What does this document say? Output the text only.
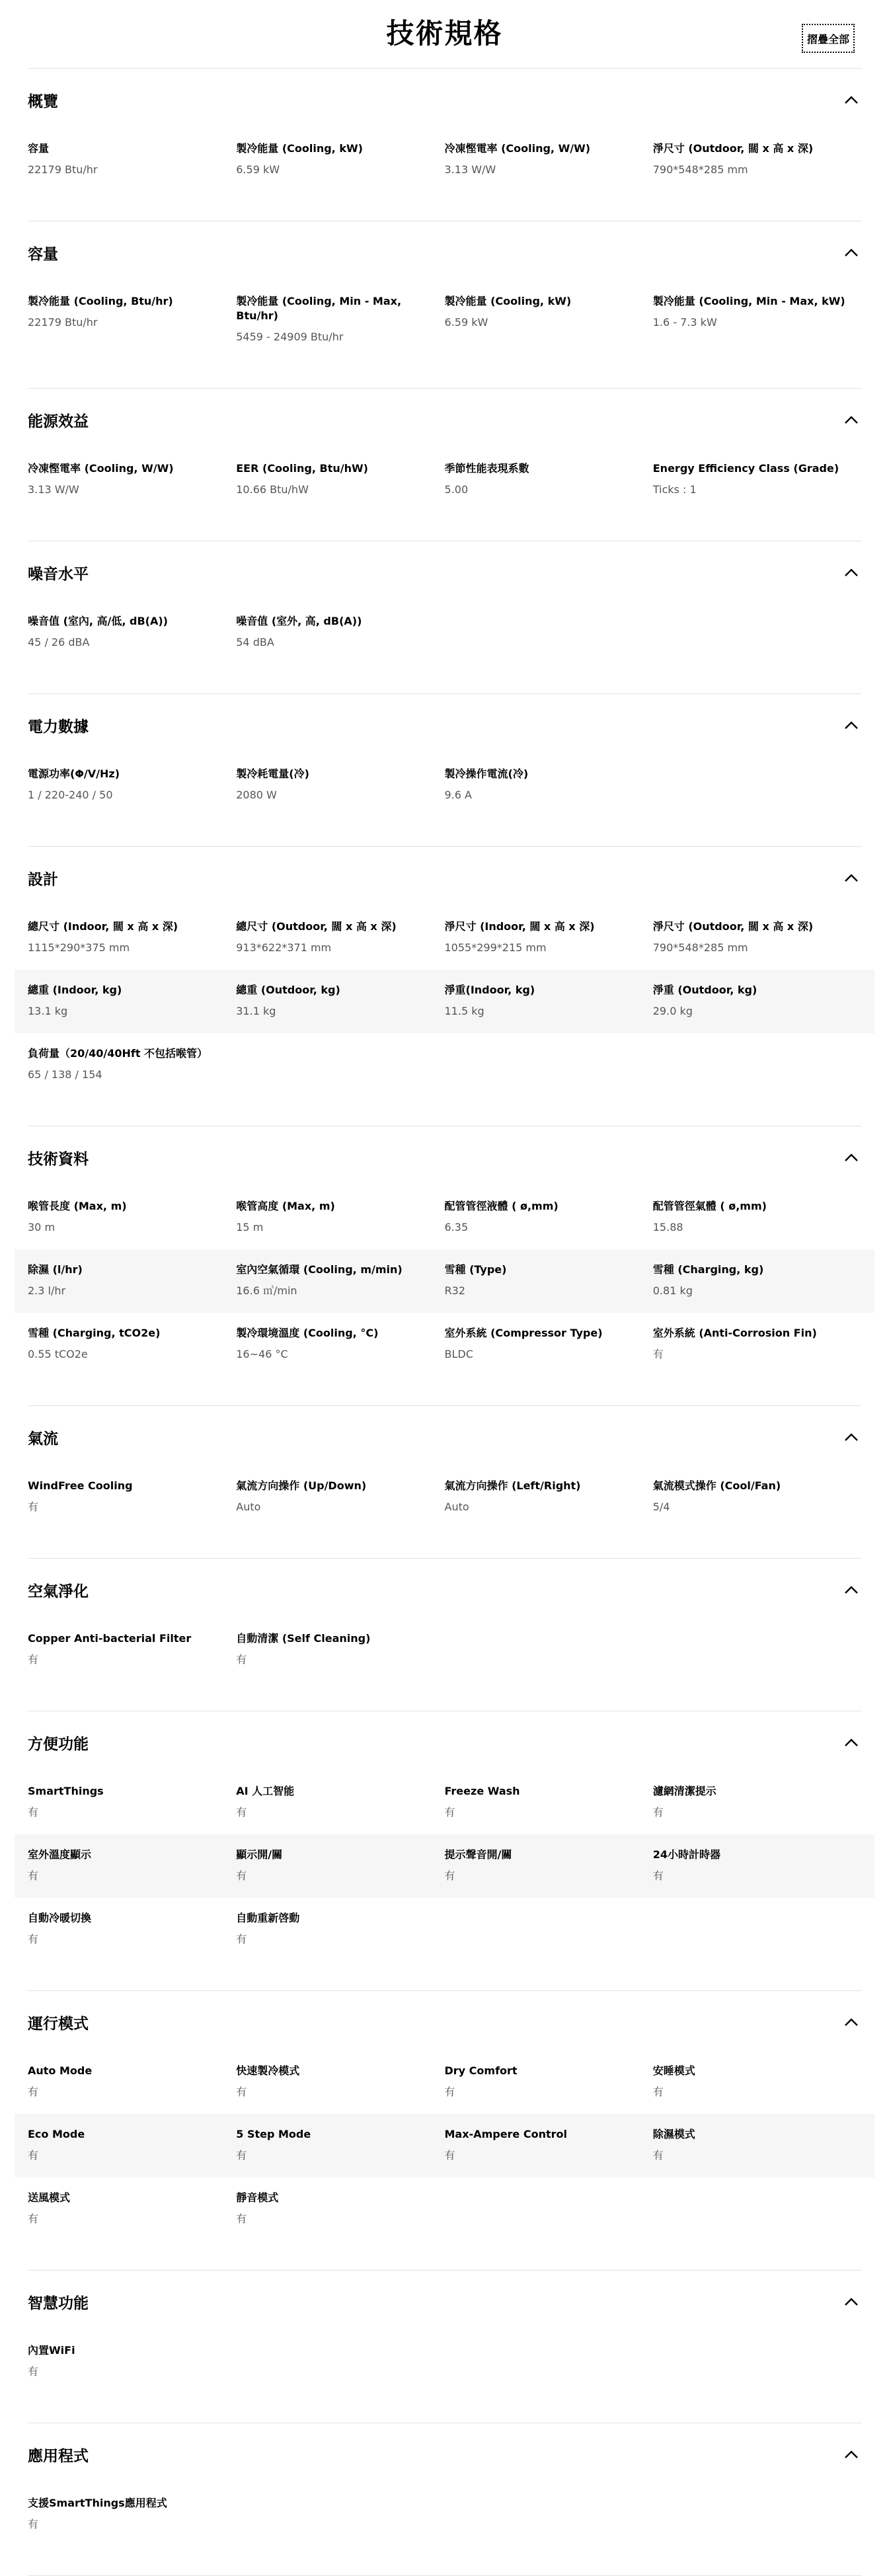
技術規格	摺疊全部
概覽
容量
22179 Btu/hr
製冷能量 (Cooling, kW)
6.59 kW
冷凍慳電率 (Cooling, W/W)
3.13 W/W
淨尺寸 (Outdoor, 闊 x 高 x 深)
790*548*285 mm
容量
製冷能量 (Cooling, Btu/hr)
22179 Btu/hr
製冷能量 (Cooling, Min - Max, Btu/hr)
5459 - 24909 Btu/hr
製冷能量 (Cooling, kW)
6.59 kW
製冷能量 (Cooling, Min - Max, kW)
1.6 - 7.3 kW
能源效益
冷凍慳電率 (Cooling, W/W)
3.13 W/W
EER (Cooling, Btu/hW)
10.66 Btu/hW
季節性能表現系數
5.00
Energy Efficiency Class (Grade)
Ticks : 1
噪音水平
噪音值 (室內, 高/低, dB(A))
45 / 26 dBA
噪音值 (室外, 高, dB(A))
54 dBA
電力數據
電源功率(Φ/V/Hz)
1 / 220-240 / 50
製冷耗電量(冷)
2080 W
製冷操作電流(冷)
9.6 A
設計
總尺寸 (Indoor, 闊 x 高 x 深)
1115*290*375 mm
總尺寸 (Outdoor, 闊 x 高 x 深)
913*622*371 mm
淨尺寸 (Indoor, 闊 x 高 x 深)
1055*299*215 mm
淨尺寸 (Outdoor, 闊 x 高 x 深)
790*548*285 mm
總重 (Indoor, kg)
13.1 kg
總重 (Outdoor, kg)
31.1 kg
淨重(Indoor, kg)
11.5 kg
淨重 (Outdoor, kg)
29.0 kg
負荷量（20/40/40Hft 不包括喉管）
65 / 138 / 154
技術資料
喉管長度 (Max, m)
30 m
喉管高度 (Max, m)
15 m
配管管徑液體 ( ø,mm)
6.35
配管管徑氣體 ( ø,mm)
15.88
除濕 (l/hr)
2.3 l/hr
室內空氣循環 (Cooling, m/min)
16.6 ㎥/min
雪種 (Type)
R32
雪種 (Charging, kg)
0.81 kg
雪種 (Charging, tCO2e)
0.55 tCO2e
製冷環境溫度 (Cooling, °C)
16~46 °C
室外系統 (Compressor Type)
BLDC
室外系統 (Anti-Corrosion Fin)
有
氣流
WindFree Cooling
有
氣流方向操作 (Up/Down)
Auto
氣流方向操作 (Left/Right)
Auto
氣流模式操作 (Cool/Fan)
5/4
空氣淨化
Copper Anti-bacterial Filter
有
自動清潔 (Self Cleaning)
有
方便功能
SmartThings
有
AI 人工智能
有
Freeze Wash
有
濾網清潔提示
有
室外溫度顯示
有
顯示開/關
有
提示聲音開/關
有
24小時計時器
有
自動冷暖切換
有
自動重新啓動
有
運行模式
Auto Mode
有
快速製冷模式
有
Dry Comfort
有
安睡模式
有
Eco Mode
有
5 Step Mode
有
Max-Ampere Control
有
除濕模式
有
送風模式
有
靜音模式
有
智慧功能
內置WiFi
有
應用程式
支援SmartThings應用程式
有
